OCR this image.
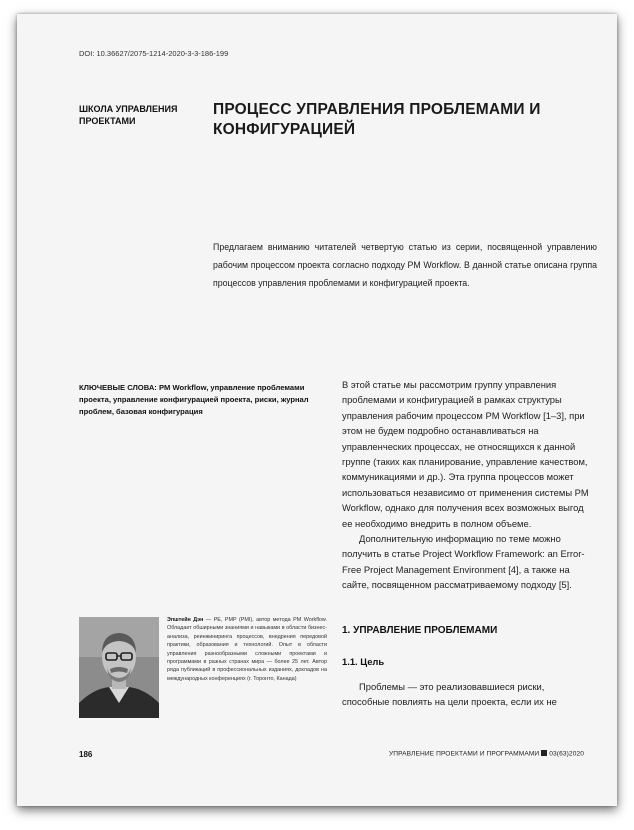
DOI: 10.36627/2075-1214-2020-3-3-186-199
ШКОЛА УПРАВЛЕНИЯ ПРОЕКТАМИ
ПРОЦЕСС УПРАВЛЕНИЯ ПРОБЛЕМАМИ И КОНФИГУРАЦИЕЙ
Предлагаем вниманию читателей четвертую статью из серии, посвященной управлению рабочим процессом проекта согласно подходу PM Workflow. В данной статье описана группа процессов управления проблемами и конфигурацией проекта.
КЛЮЧЕВЫЕ СЛОВА: PM Workflow, управление проблемами проекта, управление конфигурацией проекта, риски, журнал проблем, базовая конфигурация

В этой статье мы рассмотрим группу управления проблемами и конфигурацией в рамках структуры управления рабочим процессом PM Workflow [1–3], при этом не будем подробно останавливаться на управленческих процессах, не относящихся к данной группе (таких как планирование, управление качеством, коммуникациями и др.). Эта группа процессов может использоваться независимо от применения системы PM Workflow, однако для получения всех возможных выгод ее необходимо внедрить в полном объеме.

Дополнительную информацию по теме можно получить в статье Project Workflow Framework: an Error-Free Project Management Environment [4], а также на сайте, посвященном рассматриваемому подходу [5].

Эпштейн Дэн — PE, PMP (PMI), автор метода PM Workflow. Обладает обширными знаниями и навыками в области бизнес-анализа, реинжиниринга процессов, внедрения передовой практики, образования и технологий. Опыт в области управления разнообразными сложными проектами и программами в разных странах мира — более 25 лет. Автор ряда публикаций в профессиональных изданиях, докладов на международных конференциях (г. Торонто, Канада)
1. УПРАВЛЕНИЕ ПРОБЛЕМАМИ
1.1. Цель

Проблемы — это реализовавшиеся риски, способные повлиять на цели проекта, если их не

186	УПРАВЛЕНИЕ ПРОЕКТАМИ И ПРОГРАММАМИ 03(63)2020
